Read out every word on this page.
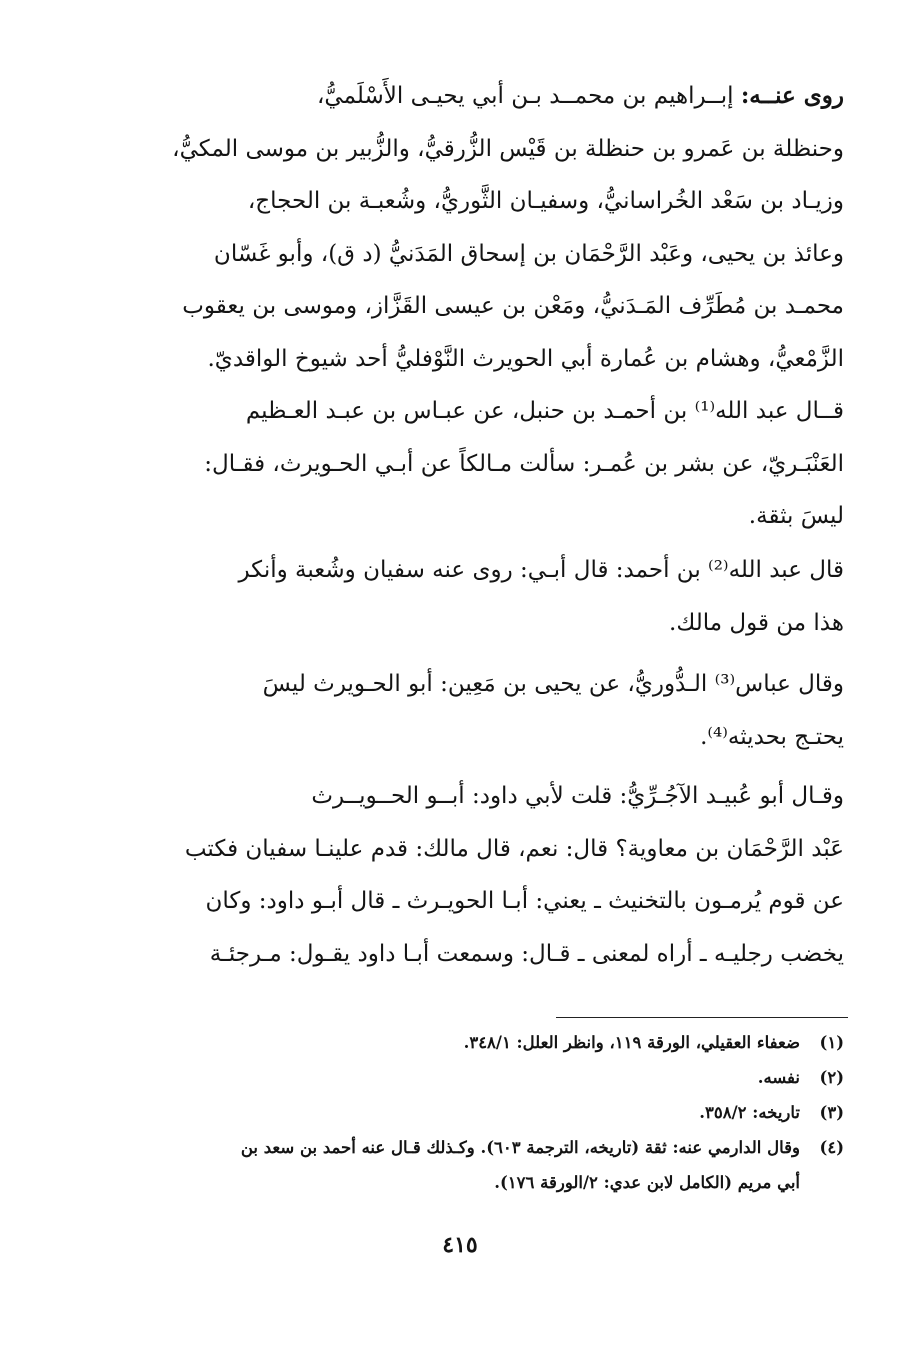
روى عنــه: إبــراهيم بن محمــد بـن أبي يحيـى الأَسْلَميُّ،
وحنظلة بن عَمرو بن حنظلة بن قَيْس الزُّرقيُّ، والزُّبير بن موسى المكيُّ،
وزيـاد بن سَعْد الخُراسانيُّ، وسفيـان الثَّوريُّ، وشُعبـة بن الحجاج،
وعائذ بن يحيى، وعَبْد الرَّحْمَان بن إسحاق المَدَنيُّ (د ق)، وأبو غَسّان
محمـد بن مُطَرِّف المَـدَنيُّ، ومَعْن بن عيسى القَزَّاز، وموسى بن يعقوب
الزَّمْعيُّ، وهشام بن عُمارة أبي الحويرث النَّوْفليُّ أحد شيوخ الواقديّ.
قــال عبد الله⁽¹⁾ بن أحمـد بن حنبل، عن عبـاس بن عبـد العـظيم
العَنْبَـريّ، عن بشر بن عُمـر: سألت مـالكاً عن أبـي الحـويرث، فقـال:
ليسَ بثقة.
قال عبد الله⁽²⁾ بن أحمد: قال أبـي: روى عنه سفيان وشُعبة وأنكر
هذا من قول مالك.
وقال عباس⁽³⁾ الـدُّوريُّ، عن يحيى بن مَعِين: أبو الحـويرث ليسَ
يحتـج بحديثه⁽⁴⁾.
وقـال أبو عُبيـد الآجُـرِّيُّ: قلت لأبي داود: أبــو الحــويــرث
عَبْد الرَّحْمَان بن معاوية؟ قال: نعم، قال مالك: قدم علينـا سفيان فكتب
عن قوم يُرمـون بالتخنيث ـ يعني: أبـا الحويـرث ـ قال أبـو داود: وكان
يخضب رجليـه ـ أراه لمعنى ـ قـال: وسمعت أبـا داود يقـول: مـرجئـة
(١)ضعفاء العقيلي، الورقة ١١٩، وانظر العلل: ٣٤٨/١.
(٢)نفسه.
(٣)تاريخه: ٣٥٨/٢.
(٤)وقال الدارمي عنه: ثقة (تاريخه، الترجمة ٦٠٣). وكـذلك قـال عنه أحمد بن سعد بن
أبي مريم (الكامل لابن عدي: ٢/الورقة ١٧٦).
٤١٥
